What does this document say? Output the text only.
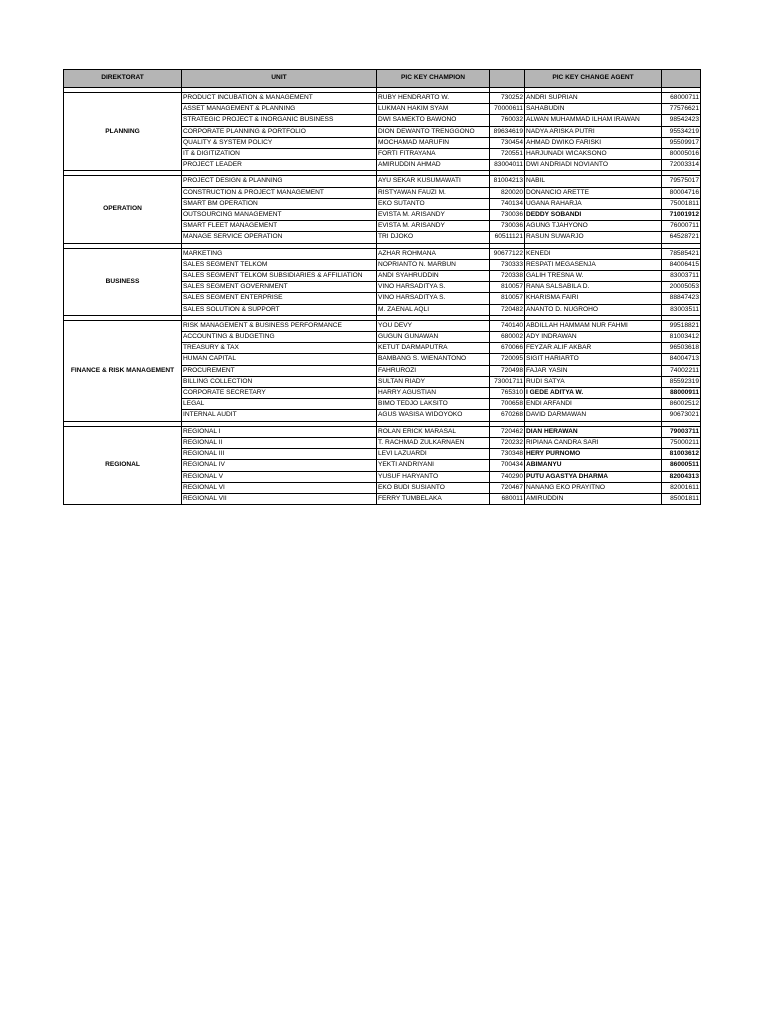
DIREKTORAT	UNIT	PIC KEY CHAMPION		PIC KEY CHANGE AGENT	

PLANNING	PRODUCT INCUBATION & MANAGEMENT	RUBY HENDRARTO W.	730252	ANDRI SUPRIAN	68000711
	ASSET MANAGEMENT & PLANNING	LUKMAN HAKIM SYAM	70000611	SAHABUDIN	77576621
	STRATEGIC PROJECT & INORGANIC BUSINESS	DWI SAMEKTO BAWONO	760032	ALWAN MUHAMMAD ILHAM IRAWAN	98542423
	CORPORATE PLANNING & PORTFOLIO	DION DEWANTO TRENGGONO	89634619	NADYA ARISKA PUTRI	95534219
	QUALITY & SYSTEM POLICY	MOCHAMAD MARUFIN	730454	AHMAD DWIKO FARISKI	95509917
	IT & DIGITIZATION	FORTI FITRAYANA	720551	HARJUNADI WICAKSONO	80005016
	PROJECT LEADER	AMIRUDDIN AHMAD	83004011	DWI ANDRIADI NOVIANTO	72003314

OPERATION	PROJECT DESIGN & PLANNING	AYU SEKAR KUSUMAWATI	81004213	NABIL	79575017
	CONSTRUCTION & PROJECT MANAGEMENT	RISTYAWAN FAUZI M.	820020	DONANCIO ARETTE	80004716
	SMART BM OPERATION	EKO SUTANTO	740134	UGANA RAHARJA	75001811
	OUTSOURCING MANAGEMENT	EVISTA M. ARISANDY	730036	DEDDY SOBANDI	71001912
	SMART FLEET MANAGEMENT	EVISTA M. ARISANDY	730036	AGUNG TJAHYONO	76000711
	MANAGE SERVICE OPERATION	TRI DJOKO	60511121	RASUN SUWARJO	64528721

BUSINESS	MARKETING	AZHAR ROHMANA	90677122	KENEDI	78585421
	SALES SEGMENT TELKOM	NOPRIANTO N. MARBUN	730333	RESPATI MEGASENJA	84006415
	SALES SEGMENT TELKOM SUBSIDIARIES & AFFILIATION	ANDI SYAHRUDDIN	720338	GALIH TRESNA W.	83003711
	SALES SEGMENT GOVERNMENT	VINO HARSADITYA S.	810057	RANA SALSABILA D.	20005053
	SALES SEGMENT ENTERPRISE	VINO HARSADITYA S.	810057	KHARISMA FAIRI	88847423
	SALES SOLUTION & SUPPORT	M. ZAENAL AQLI	720482	ANANTO D. NUGROHO	83003511

FINANCE & RISK MANAGEMENT	RISK MANAGEMENT & BUSINESS PERFORMANCE	YOU DEVY	740140	ABDILLAH HAMMAM NUR FAHMI	99518821
	ACCOUNTING & BUDGETING	GUGUN GUNAWAN	680002	ADY INDRAWAN	81003412
	TREASURY & TAX	KETUT DARMAPUTRA	670066	FEYZAR ALIF AKBAR	96503618
	HUMAN CAPITAL	BAMBANG S. WIENANTONO	720095	SIGIT HARIARTO	84004713
	PROCUREMENT	FAHRUROZI	720498	FAJAR YASIN	74002211
	BILLING COLLECTION	SULTAN RIADY	73001711	RUDI SATYA	85592319
	CORPORATE SECRETARY	HARRY AGUSTIAN	765310	I GEDE ADITYA W.	88000911
	LEGAL	BIMO TEDJO LAKSITO	700658	ENDI ARFANDI	86002512
	INTERNAL AUDIT	AGUS WASISA WIDOYOKO	670268	DAVID DARMAWAN	90673021

REGIONAL	REGIONAL I	ROLAN ERICK MARASAL	720462	DIAN HERAWAN	79003711
	REGIONAL II	T. RACHMAD ZULKARNAEN	720232	RIPIANA CANDRA SARI	75000211
	REGIONAL III	LEVI LAZUARDI	730348	HERY PURNOMO	81003612
	REGIONAL IV	YEKTI ANDRIYANI	700434	ABIMANYU	86000511
	REGIONAL V	YUSUF HARYANTO	740290	PUTU AGASTYA DHARMA	82004313
	REGIONAL VI	EKO BUDI SUSIANTO	720467	NANANG EKO PRAYITNO	82001611
	REGIONAL VII	FERRY TUMBELAKA	680011	AMIRUDDIN	85001811
